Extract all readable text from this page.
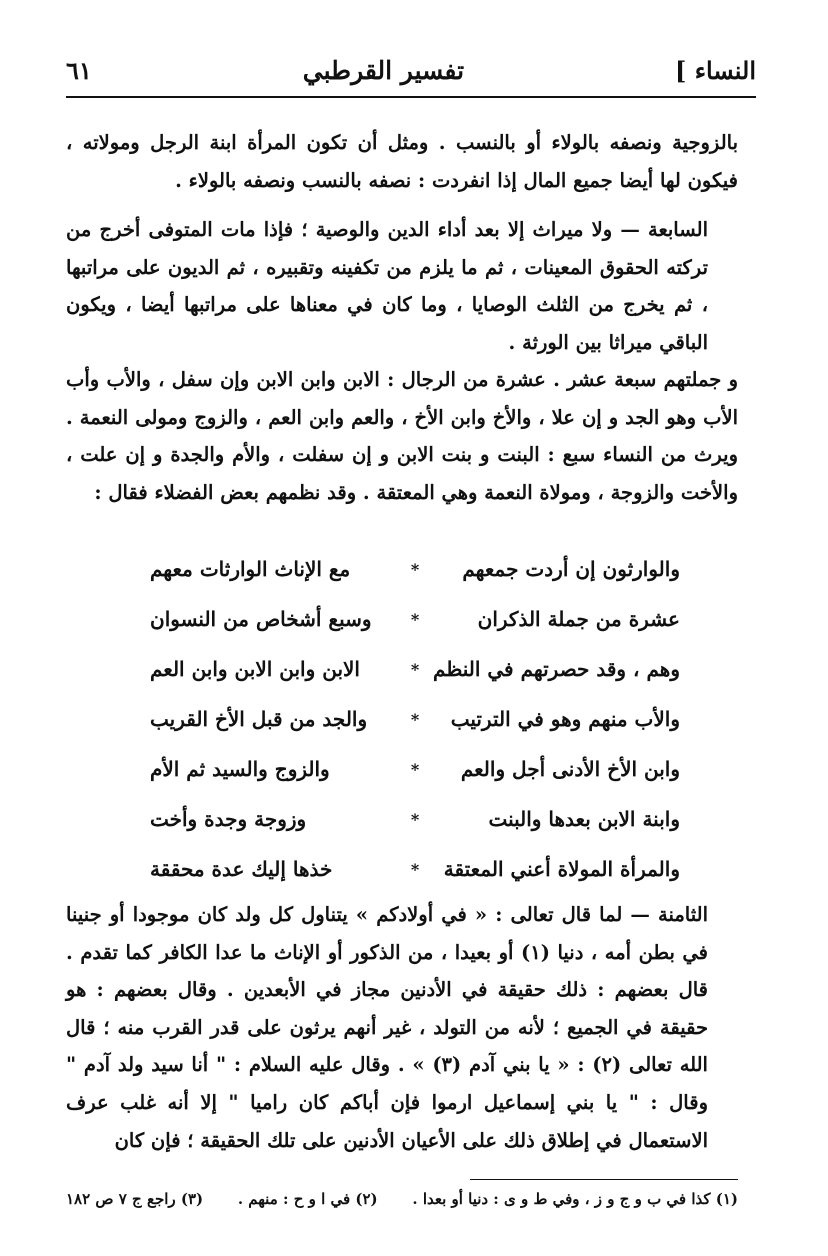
النساء ]
تفسير القرطبي
٦١

بالزوجية ونصفه بالولاء أو بالنسب . ومثل أن تكون المرأة ابنة الرجل ومولاته ، فيكون لها أيضا جميع المال إذا انفردت : نصفه بالنسب ونصفه بالولاء .

السابعة — ولا ميراث إلا بعد أداء الدين والوصية ؛ فإذا مات المتوفى أخرج من تركته الحقوق المعينات ، ثم ما يلزم من تكفينه وتقبيره ، ثم الديون على مراتبها ، ثم يخرج من الثلث الوصايا ، وما كان في معناها على مراتبها أيضا ، ويكون الباقي ميراثا بين الورثة .

و جملتهم سبعة عشر . عشرة من الرجال : الابن وابن الابن وإن سفل ، والأب وأب الأب وهو الجد و إن علا ، والأخ وابن الأخ ، والعم وابن العم ، والزوج ومولى النعمة . ويرث من النساء سبع : البنت و بنت الابن و إن سفلت ، والأم والجدة و إن علت ، والأخت والزوجة ، ومولاة النعمة وهي المعتقة . وقد نظمهم بعض الفضلاء فقال :

والوارثون إن أردت جمعهم
*
مع الإناث الوارثات معهم
عشرة من جملة الذكران
*
وسبع أشخاص من النسوان
وهم ، وقد حصرتهم في النظم
*
الابن وابن الابن وابن العم
والأب منهم وهو في الترتيب
*
والجد من قبل الأخ القريب
وابن الأخ الأدنى أجل والعم
*
والزوج والسيد ثم الأم
وابنة الابن بعدها والبنت
*
وزوجة وجدة وأخت
والمرأة المولاة أعني المعتقة
*
خذها إليك عدة محققة

الثامنة — لما قال تعالى : « في أولادكم » يتناول كل ولد كان موجودا أو جنينا في بطن أمه ، دنيا (١) أو بعيدا ، من الذكور أو الإناث ما عدا الكافر كما تقدم . قال بعضهم : ذلك حقيقة في الأدنين مجاز في الأبعدين . وقال بعضهم : هو حقيقة في الجميع ؛ لأنه من التولد ، غير أنهم يرثون على قدر القرب منه ؛ قال الله تعالى (٢) : « يا بني آدم (٣) » . وقال عليه السلام : " أنا سيد ولد آدم " وقال : " يا بني إسماعيل ارموا فإن أباكم كان راميا " إلا أنه غلب عرف الاستعمال في إطلاق ذلك على الأعيان الأدنين على تلك الحقيقة ؛ فإن كان

(١) كذا في ب و ج و ز ، وفي ط و ى : دنيا أو بعدا .
(٢) في ا و ح : منهم .
(٣) راجع ج ٧ ص ١٨٢
